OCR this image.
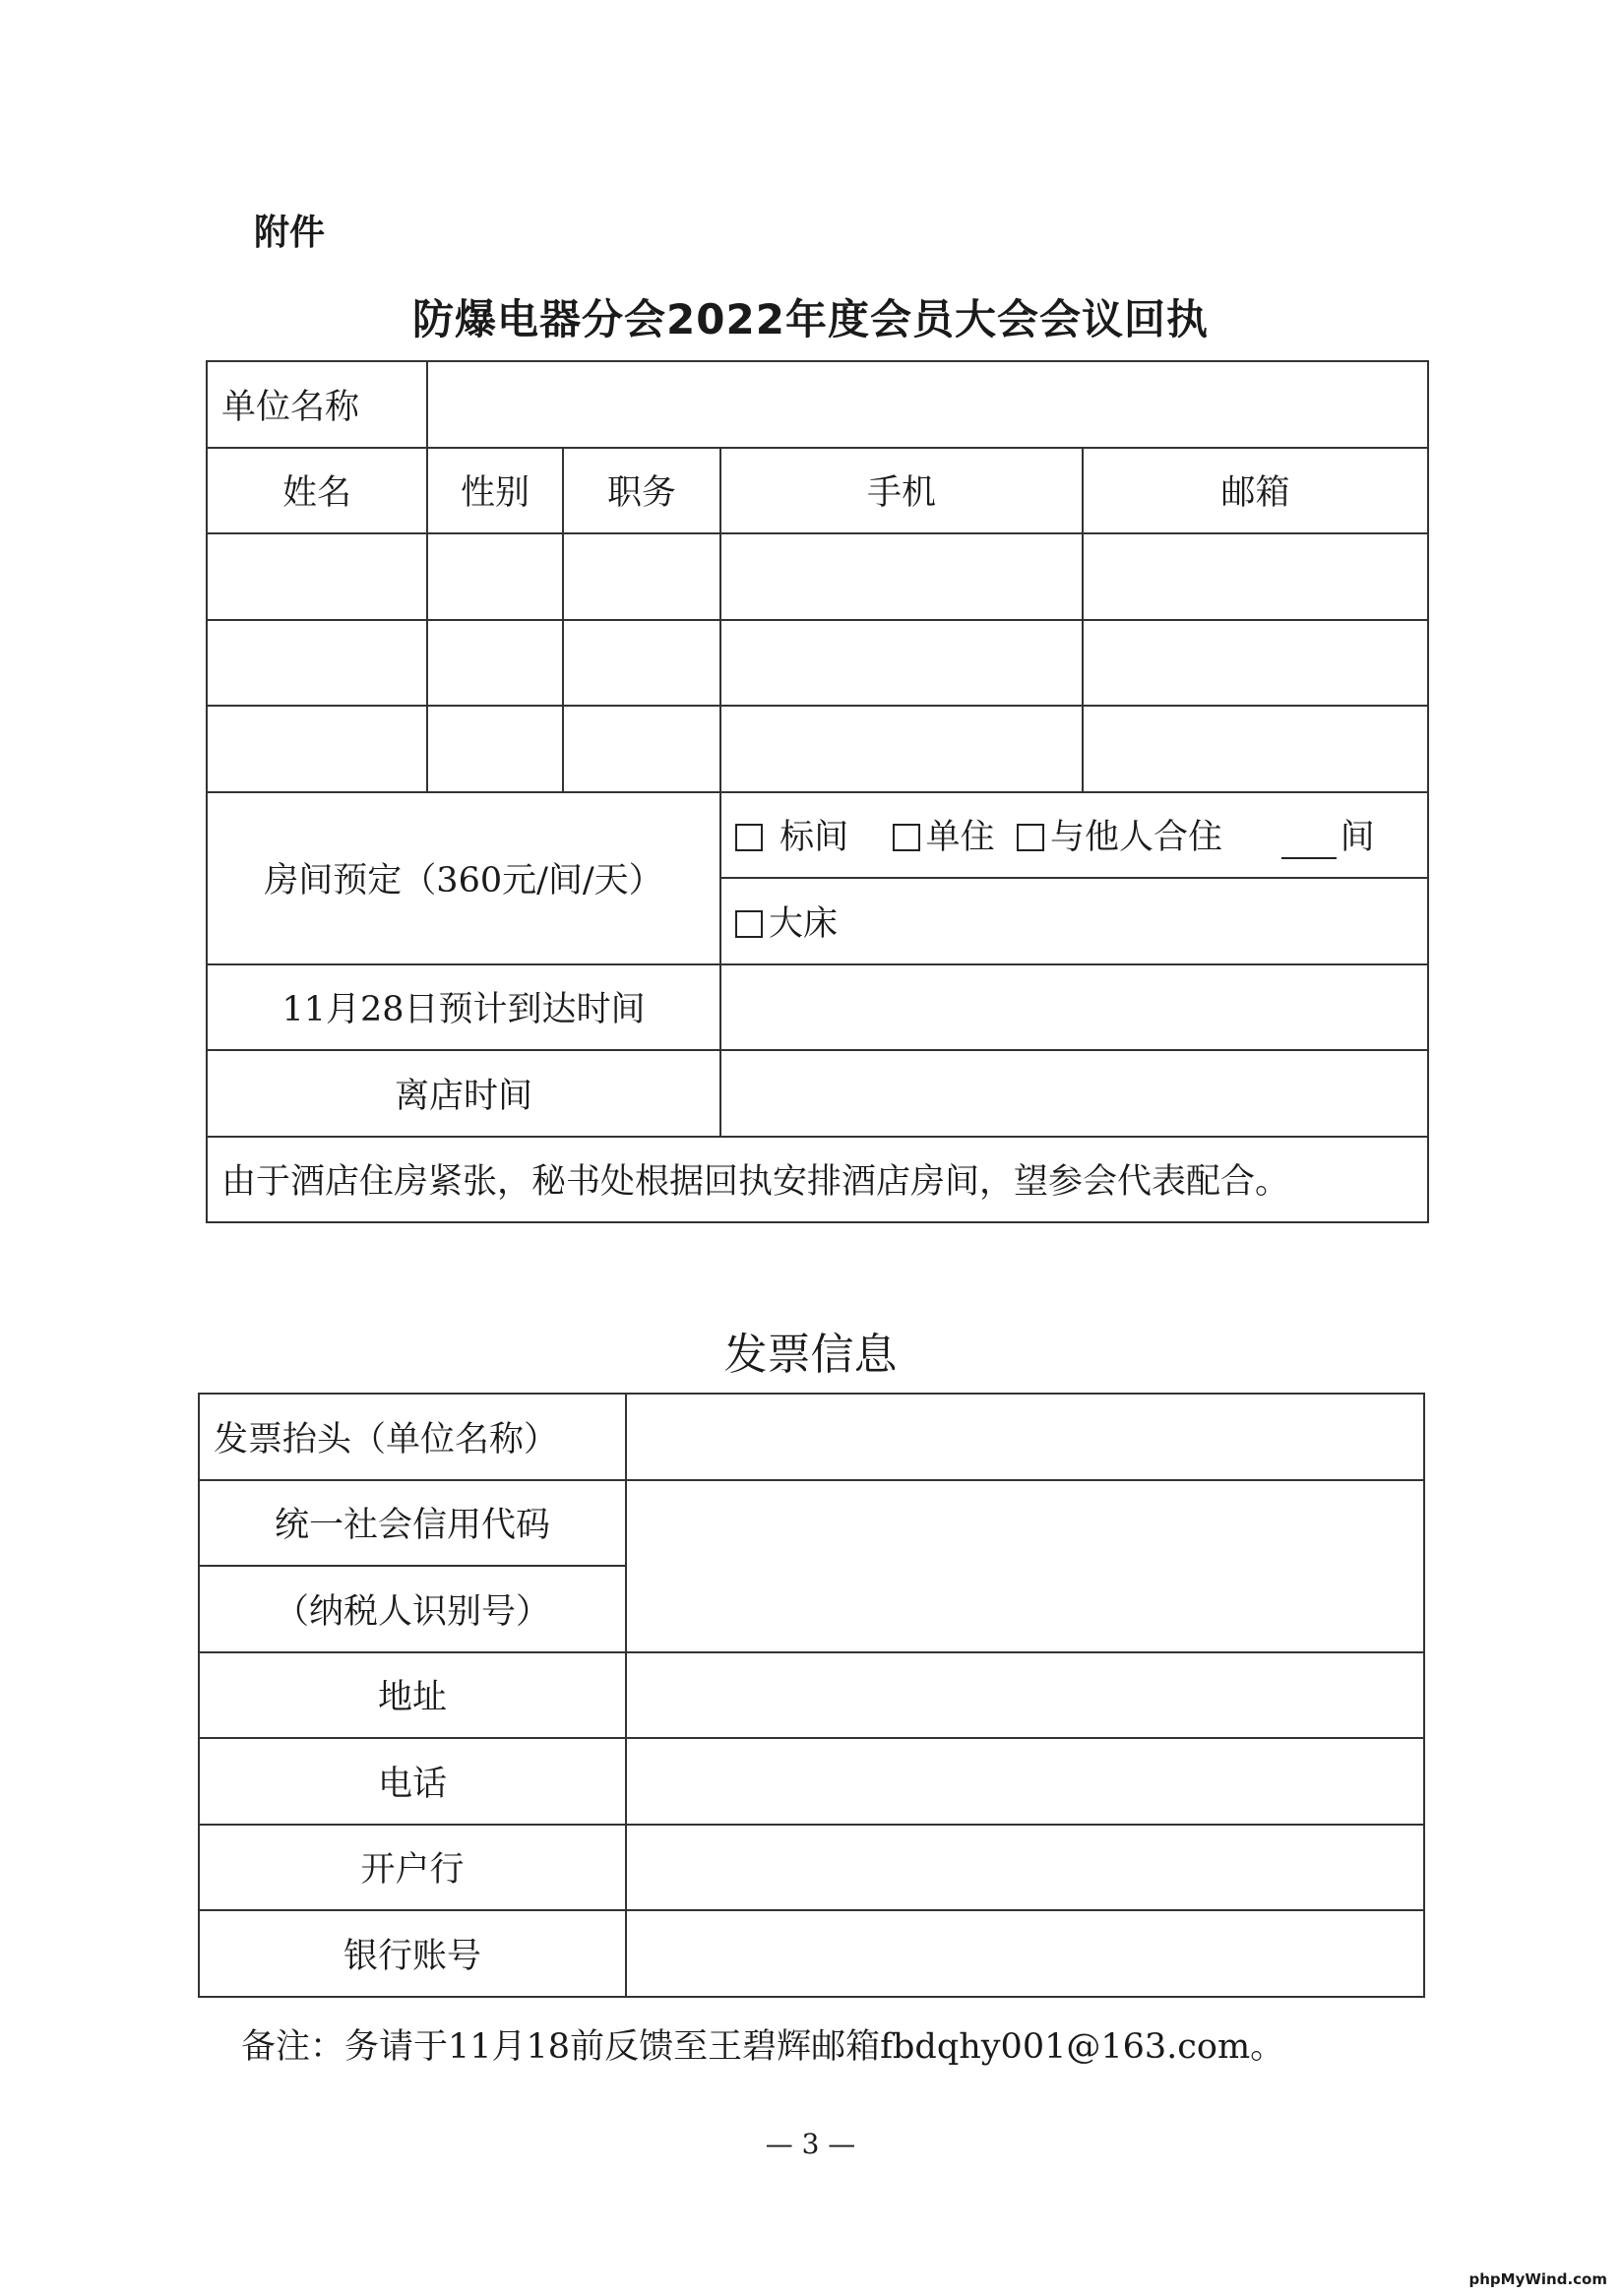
附件
防爆电器分会2022年度会员大会会议回执
单位名称				
姓名	性别	职务	手机	邮箱

房间预定（360元/间/天）			标间 单住 与他人合住 间	
			大床	
11月28日预计到达时间				
离店时间				
由于酒店住房紧张，秘书处根据回执安排酒店房间，望参会代表配合。				
发票信息
发票抬头（单位名称）	
统一社会信用代码	
（纳税人识别号）	
地址	
电话	
开户行	
银行账号	
备注：务请于11月18前反馈至王碧辉邮箱fbdqhy001@163.com。
— 3 —
phpMyWind.com
